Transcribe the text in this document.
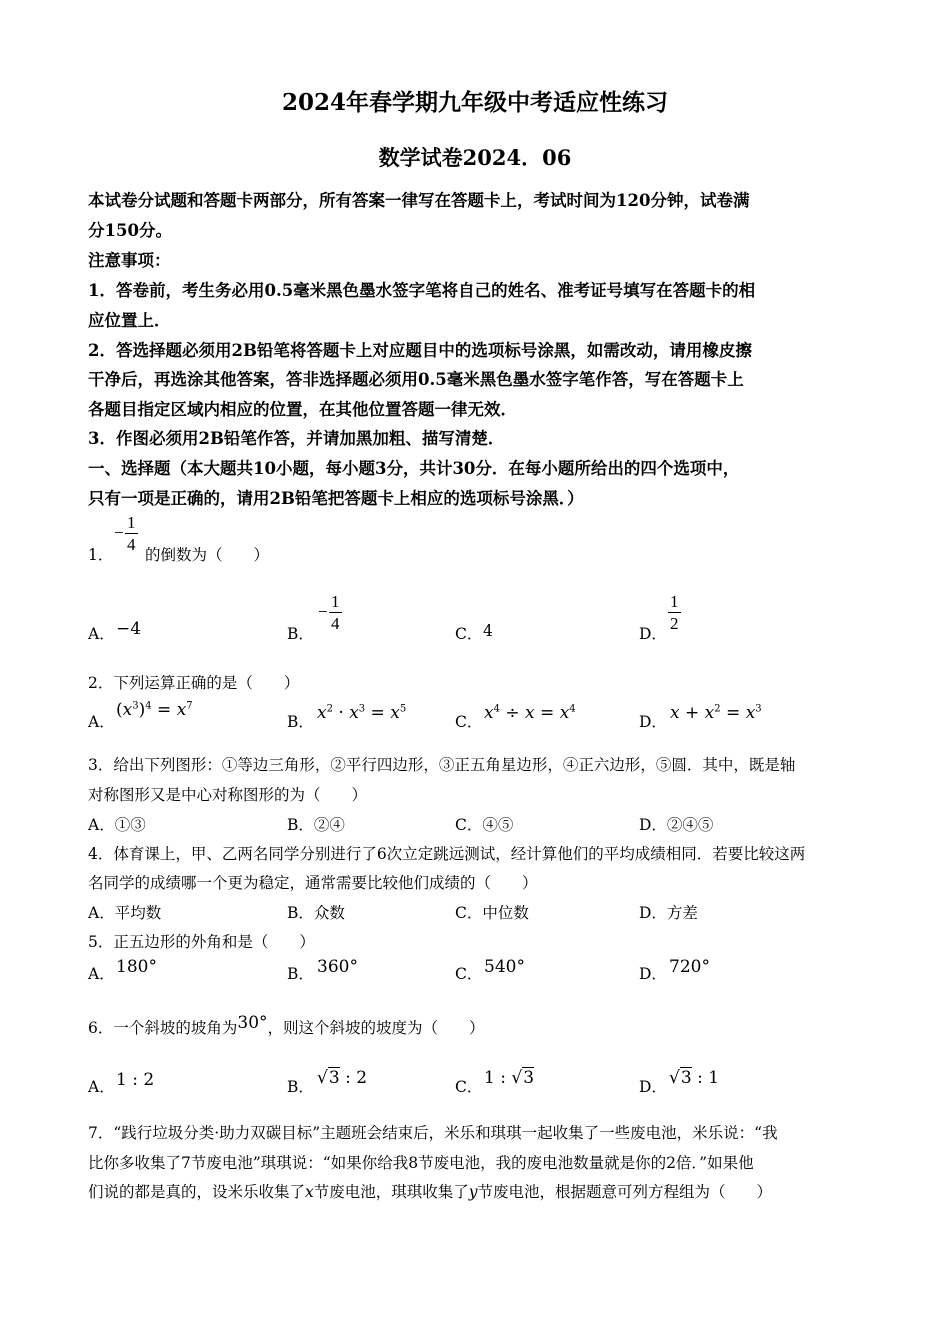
2024年春学期九年级中考适应性练习
数学试卷2024．06
本试卷分试题和答题卡两部分，所有答案一律写在答题卡上，考试时间为120分钟，试卷满
分150分。
注意事项：
1．答卷前，考生务必用0.5毫米黑色墨水签字笔将自己的姓名、准考证号填写在答题卡的相
应位置上．
2．答选择题必须用2B铅笔将答题卡上对应题目中的选项标号涂黑，如需改动，请用橡皮擦
干净后，再选涂其他答案，答非选择题必须用0.5毫米黑色墨水签字笔作答，写在答题卡上
各题目指定区域内相应的位置，在其他位置答题一律无效．
3．作图必须用2B铅笔作答，并请加黑加粗、描写清楚．
一、选择题（本大题共10小题，每小题3分，共计30分．在每小题所给出的四个选项中，
只有一项是正确的，请用2B铅笔把答题卡上相应的选项标号涂黑．）
1．
−
1
4
的倒数为（　　）
A． −4	B．
−
1
4
C． 4	D．
1
2
2．下列运算正确的是（　　）
A．
$(x^3)^4 = x^7$
B． $x^2 \cdot x^3 = x^5$
C． $x^4 \div x = x^4$
D． $x + x^2 = x^3$
3．给出下列图形：①等边三角形，②平行四边形，③正五角星边形，④正六边形，⑤圆．其中，既是轴
对称图形又是中心对称图形的为（　　）
A．①③	B．②④	C．④⑤	D．②④⑤
4．体育课上，甲、乙两名同学分别进行了6次立定跳远测试，经计算他们的平均成绩相同．若要比较这两
名同学的成绩哪一个更为稳定，通常需要比较他们成绩的（　　）
A．平均数	B．众数	C．中位数	D．方差
5．正五边形的外角和是（　　）
A． 180°	B． 360°	C． 540°	D． 720°
6．一个斜坡的坡角为30°，则这个斜坡的坡度为（　　）
A． 1 : 2	B． √3 : 2	C． 1 : √3	D． √3 : 1
7．“践行垃圾分类·助力双碳目标”主题班会结束后，米乐和琪琪一起收集了一些废电池，米乐说：“我
比你多收集了7节废电池”琪琪说：“如果你给我8节废电池，我的废电池数量就是你的2倍．”如果他
们说的都是真的，设米乐收集了x节废电池，琪琪收集了y节废电池，根据题意可列方程组为（　　）
